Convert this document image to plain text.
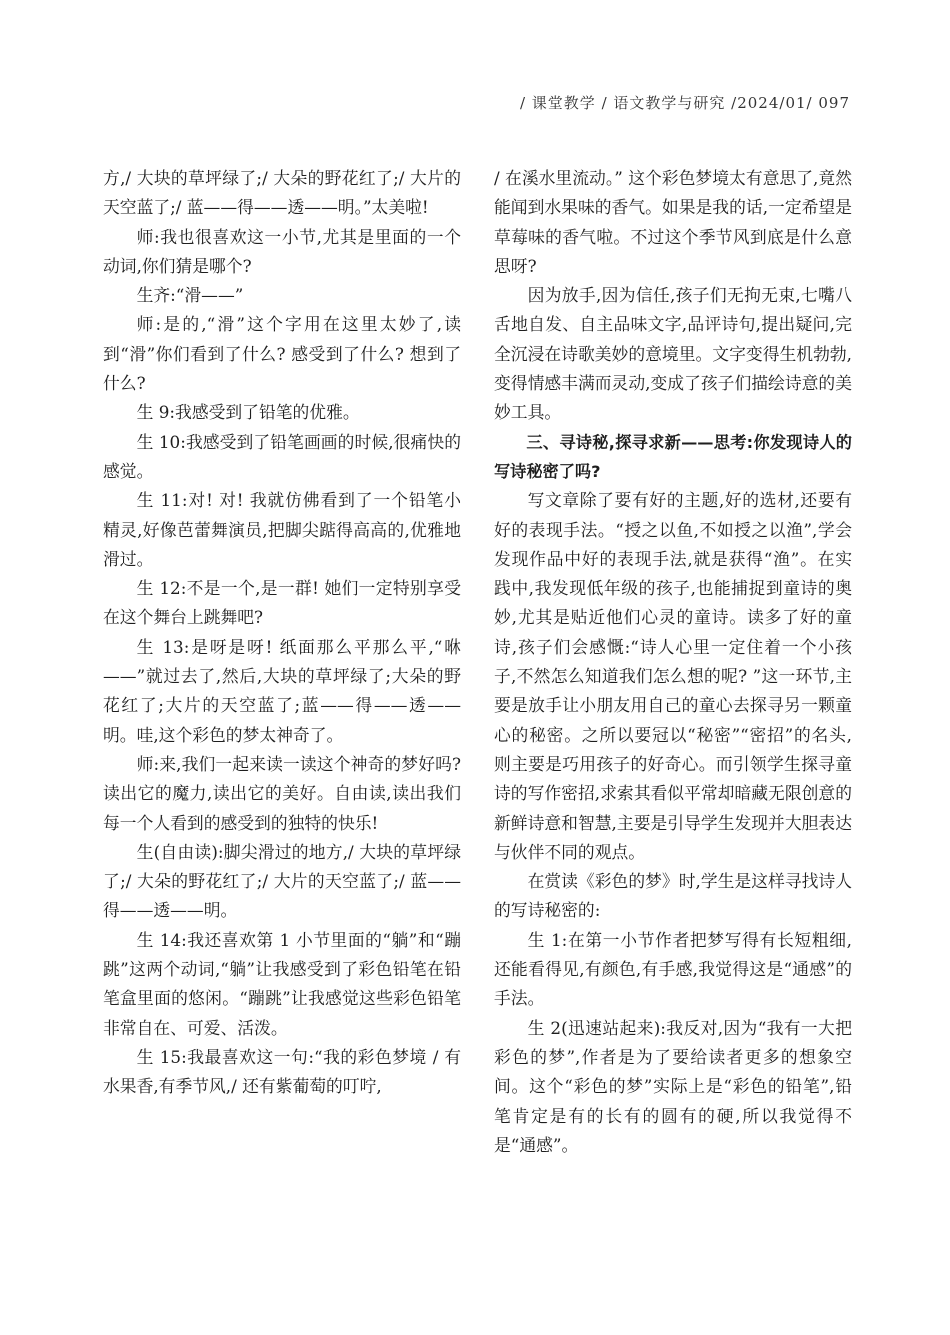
/ 课堂教学 / 语文教学与研究 /2024/01/ 097

方,/ 大块的草坪绿了;/ 大朵的野花红了;/ 大片的天空蓝了;/ 蓝——得——透——明。”太美啦!

师:我也很喜欢这一小节,尤其是里面的一个动词,你们猜是哪个?

生齐:“滑——”

师:是的,“滑”这个字用在这里太妙了,读到“滑”你们看到了什么? 感受到了什么? 想到了什么?

生 9:我感受到了铅笔的优雅。

生 10:我感受到了铅笔画画的时候,很痛快的感觉。

生 11:对! 对! 我就仿佛看到了一个铅笔小精灵,好像芭蕾舞演员,把脚尖踮得高高的,优雅地滑过。

生 12:不是一个,是一群! 她们一定特别享受在这个舞台上跳舞吧?

生 13:是呀是呀! 纸面那么平那么平,“咻——”就过去了,然后,大块的草坪绿了;大朵的野花红了;大片的天空蓝了;蓝——得——透——明。哇,这个彩色的梦太神奇了。

师:来,我们一起来读一读这个神奇的梦好吗? 读出它的魔力,读出它的美好。自由读,读出我们每一个人看到的感受到的独特的快乐!

生(自由读):脚尖滑过的地方,/ 大块的草坪绿了;/ 大朵的野花红了;/ 大片的天空蓝了;/ 蓝——得——透——明。

生 14:我还喜欢第 1 小节里面的“躺”和“蹦跳”这两个动词,“躺”让我感受到了彩色铅笔在铅笔盒里面的悠闲。“蹦跳”让我感觉这些彩色铅笔非常自在、可爱、活泼。

生 15:我最喜欢这一句:“我的彩色梦境 / 有水果香,有季节风,/ 还有紫葡萄的叮咛,

/ 在溪水里流动。” 这个彩色梦境太有意思了,竟然能闻到水果味的香气。如果是我的话,一定希望是草莓味的香气啦。不过这个季节风到底是什么意思呀?

因为放手,因为信任,孩子们无拘无束,七嘴八舌地自发、自主品味文字,品评诗句,提出疑问,完全沉浸在诗歌美妙的意境里。文字变得生机勃勃,变得情感丰满而灵动,变成了孩子们描绘诗意的美妙工具。

三、寻诗秘,探寻求新——思考:你发现诗人的写诗秘密了吗?

写文章除了要有好的主题,好的选材,还要有好的表现手法。“授之以鱼,不如授之以渔”,学会发现作品中好的表现手法,就是获得“渔”。在实践中,我发现低年级的孩子,也能捕捉到童诗的奥妙,尤其是贴近他们心灵的童诗。读多了好的童诗,孩子们会感慨:“诗人心里一定住着一个小孩子,不然怎么知道我们怎么想的呢? ”这一环节,主要是放手让小朋友用自己的童心去探寻另一颗童心的秘密。之所以要冠以“秘密”“密招”的名头,则主要是巧用孩子的好奇心。而引领学生探寻童诗的写作密招,求索其看似平常却暗藏无限创意的新鲜诗意和智慧,主要是引导学生发现并大胆表达与伙伴不同的观点。

在赏读《彩色的梦》时,学生是这样寻找诗人的写诗秘密的:

生 1:在第一小节作者把梦写得有长短粗细,还能看得见,有颜色,有手感,我觉得这是“通感”的手法。

生 2(迅速站起来):我反对,因为“我有一大把彩色的梦”,作者是为了要给读者更多的想象空间。这个“彩色的梦”实际上是“彩色的铅笔”,铅笔肯定是有的长有的圆有的硬,所以我觉得不是“通感”。
